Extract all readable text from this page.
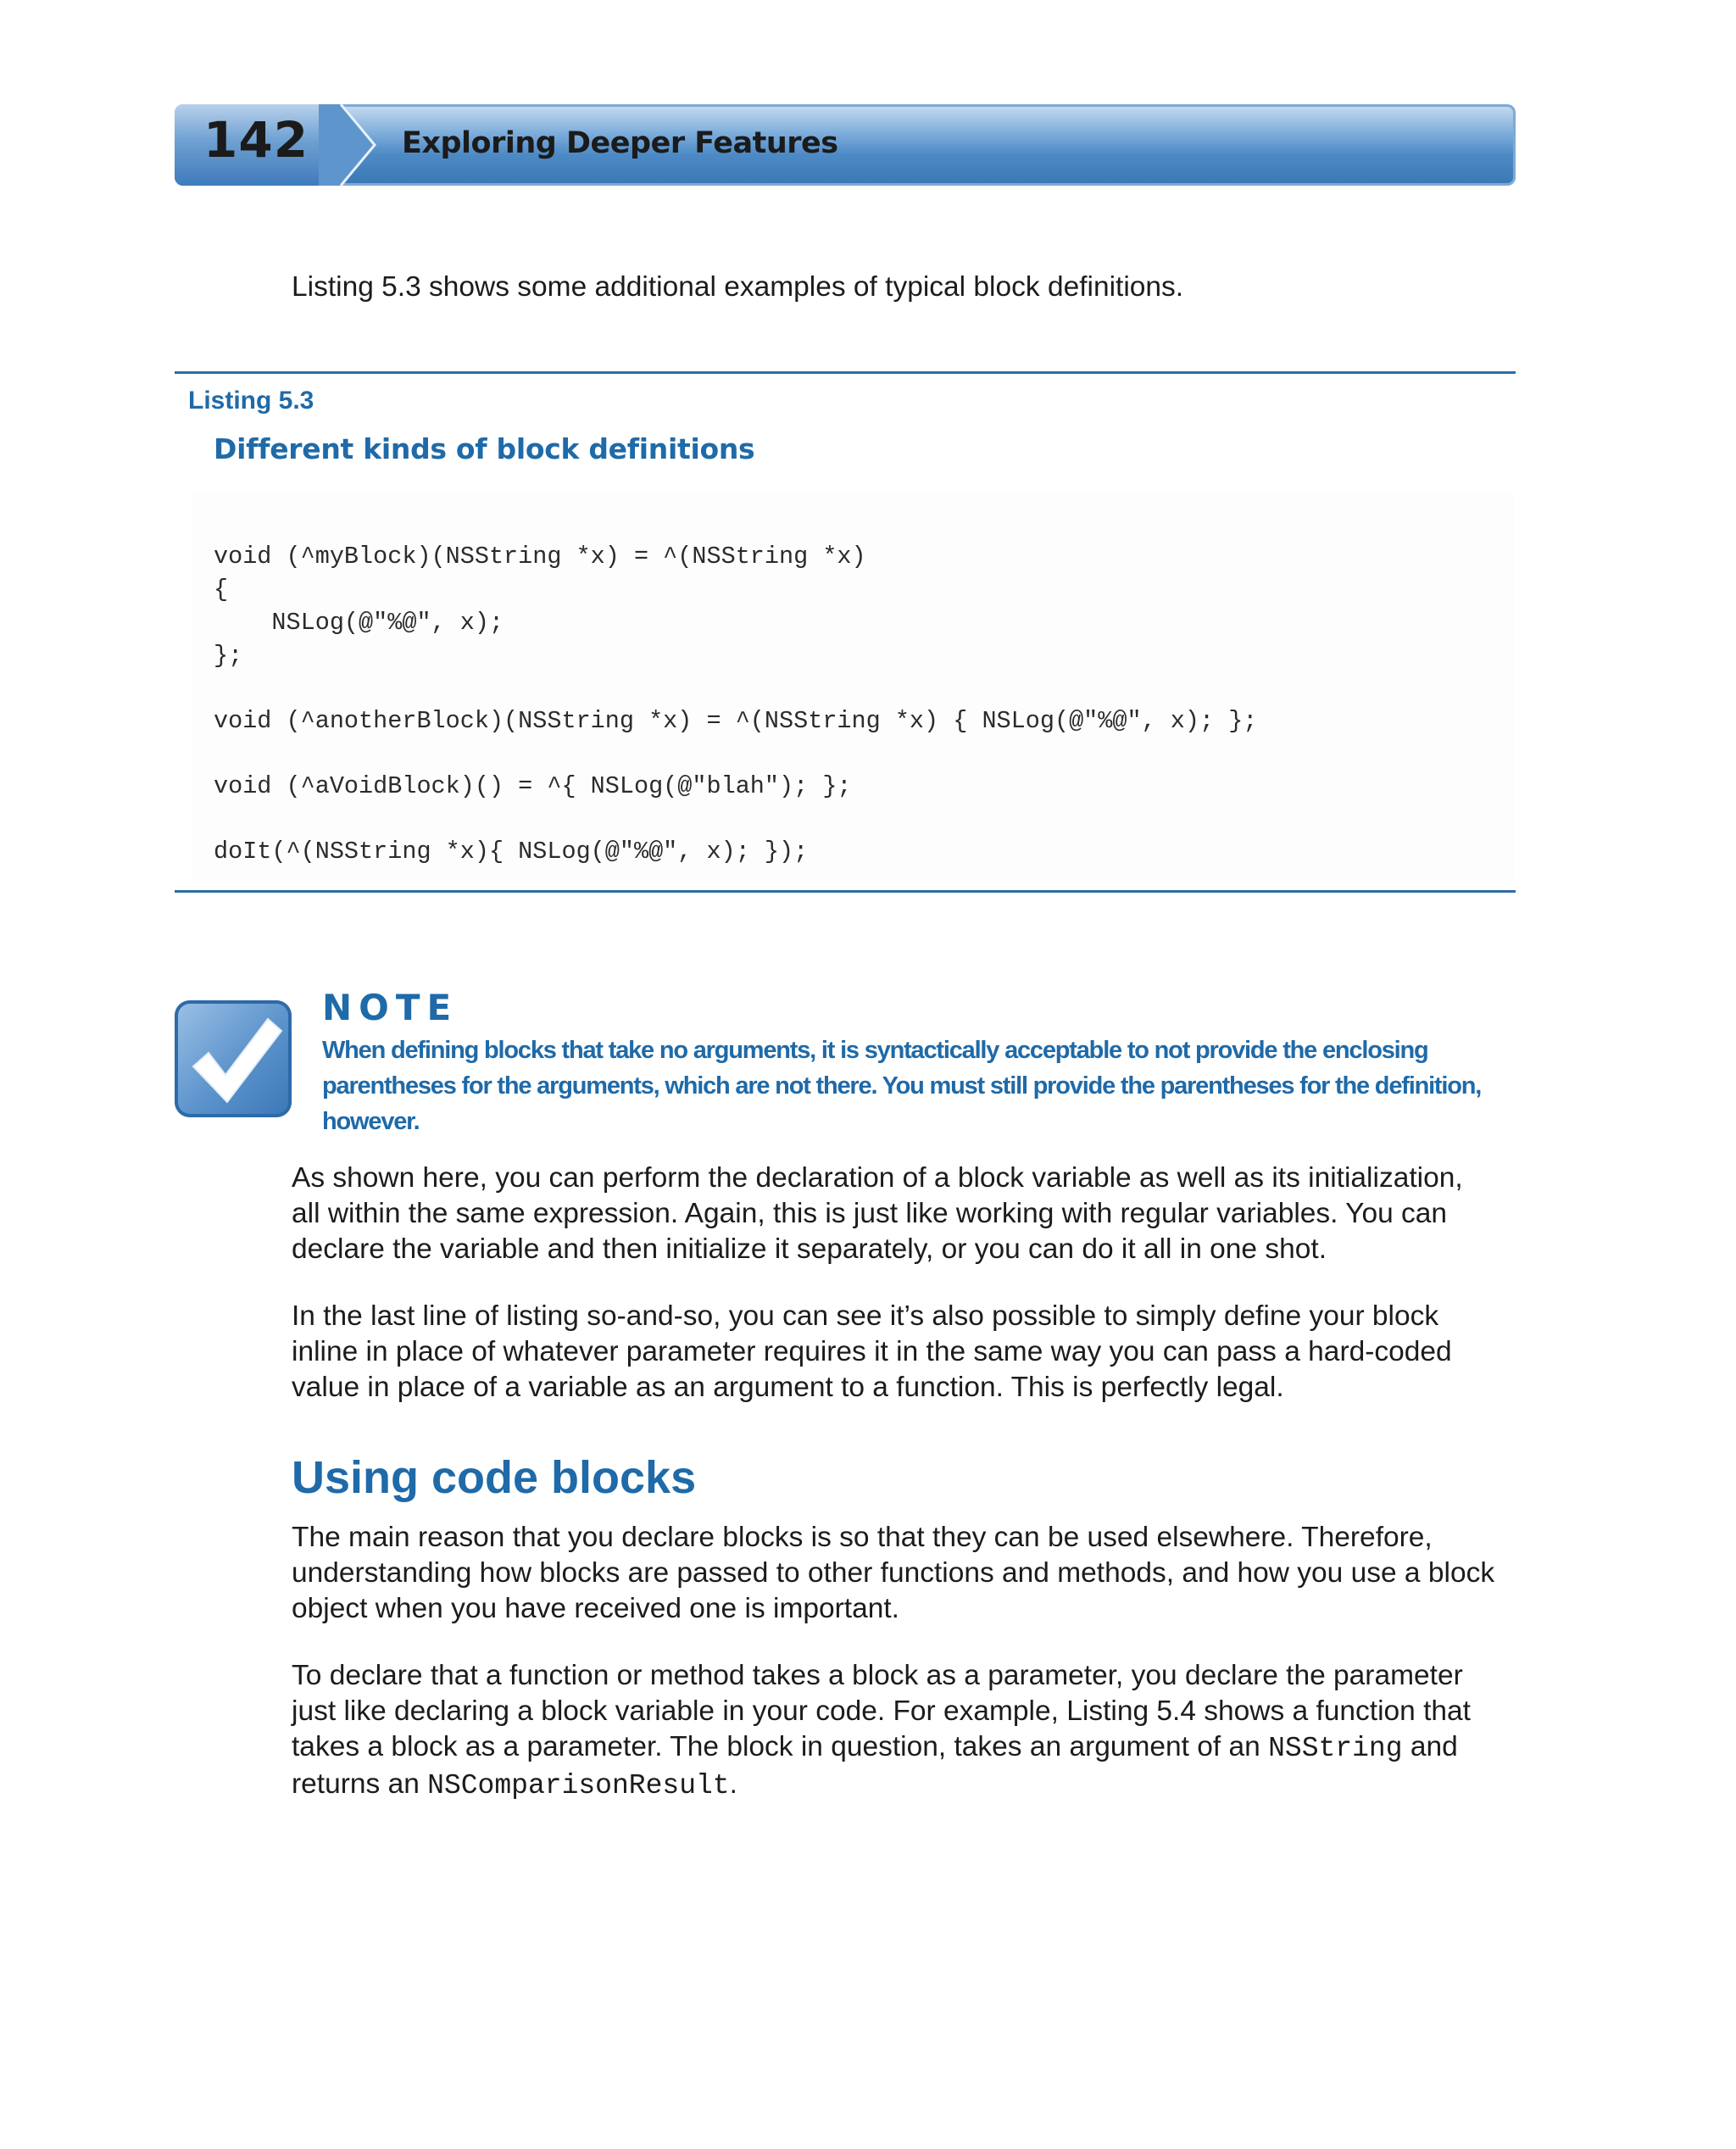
142	Exploring Deeper Features

Listing 5.3 shows some additional examples of typical block definitions.

Listing 5.3
Different kinds of block definitions
void (^myBlock)(NSString *x) = ^(NSString *x)
{
NSLog(@"%@", x);
};
void (^anotherBlock)(NSString *x) = ^(NSString *x) { NSLog(@"%@", x); };
void (^aVoidBlock)() = ^{ NSLog(@"blah"); };
doIt(^(NSString *x){ NSLog(@"%@", x); });
NOTE

When defining blocks that take no arguments, it is syntactically acceptable to not provide the enclosing parentheses for the arguments, which are not there. You must still provide the parentheses for the definition, however.

As shown here, you can perform the declaration of a block variable as well as its initialization, all within the same expression. Again, this is just like working with regular variables. You can declare the variable and then initialize it separately, or you can do it all in one shot.

In the last line of listing so-and-so, you can see it’s also possible to simply define your block inline in place of whatever parameter requires it in the same way you can pass a hard-coded value in place of a variable as an argument to a function. This is perfectly legal.

Using code blocks

The main reason that you declare blocks is so that they can be used elsewhere. Therefore, understanding how blocks are passed to other functions and methods, and how you use a block object when you have received one is important.

To declare that a function or method takes a block as a parameter, you declare the parameter just like declaring a block variable in your code. For example, Listing 5.4 shows a function that takes a block as a parameter. The block in question, takes an argument of an NSString and returns an NSComparisonResult.
